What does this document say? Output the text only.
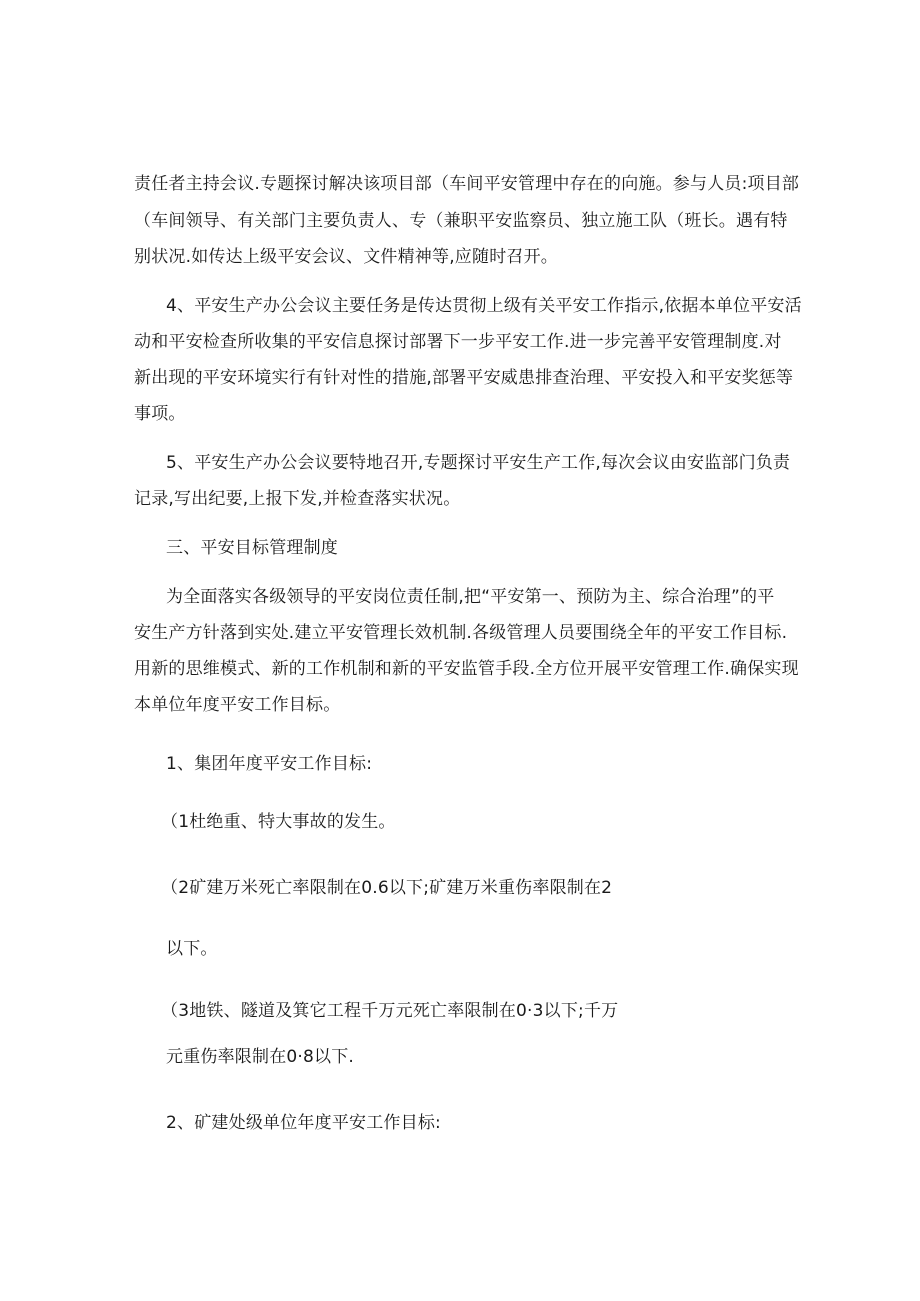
责任者主持会议.专题探讨解决该项目部（车间平安管理中存在的向施。参与人员:项目部
（车间领导、有关部门主要负责人、专（兼职平安监察员、独立施工队（班长。遇有特
别状况.如传达上级平安会议、文件精神等,应随时召开。
4、平安生产办公会议主要任务是传达贯彻上级有关平安工作指示,依据本单位平安活
动和平安检查所收集的平安信息探讨部署下一步平安工作.进一步完善平安管理制度.对
新出现的平安环境实行有针对性的措施,部署平安威患排查治理、平安投入和平安奖惩等
事项。
5、平安生产办公会议要特地召开,专题探讨平安生产工作,每次会议由安监部门负责
记录,写出纪要,上报下发,并检查落实状况。
三、平安目标管理制度
为全面落实各级领导的平安岗位责任制,把“平安第一、预防为主、综合治理”的平
安生产方针落到实处.建立平安管理长效机制.各级管理人员要围绕全年的平安工作目标.
用新的思维模式、新的工作机制和新的平安监管手段.全方位开展平安管理工作.确保实现
本单位年度平安工作目标。
1、集团年度平安工作目标:
（1杜绝重、特大事故的发生。
（2矿建万米死亡率限制在0.6以下;矿建万米重伤率限制在2
以下。
（3地铁、隧道及箕它工程千万元死亡率限制在0·3以下;千万
元重伤率限制在0·8以下.
2、矿建处级单位年度平安工作目标:
